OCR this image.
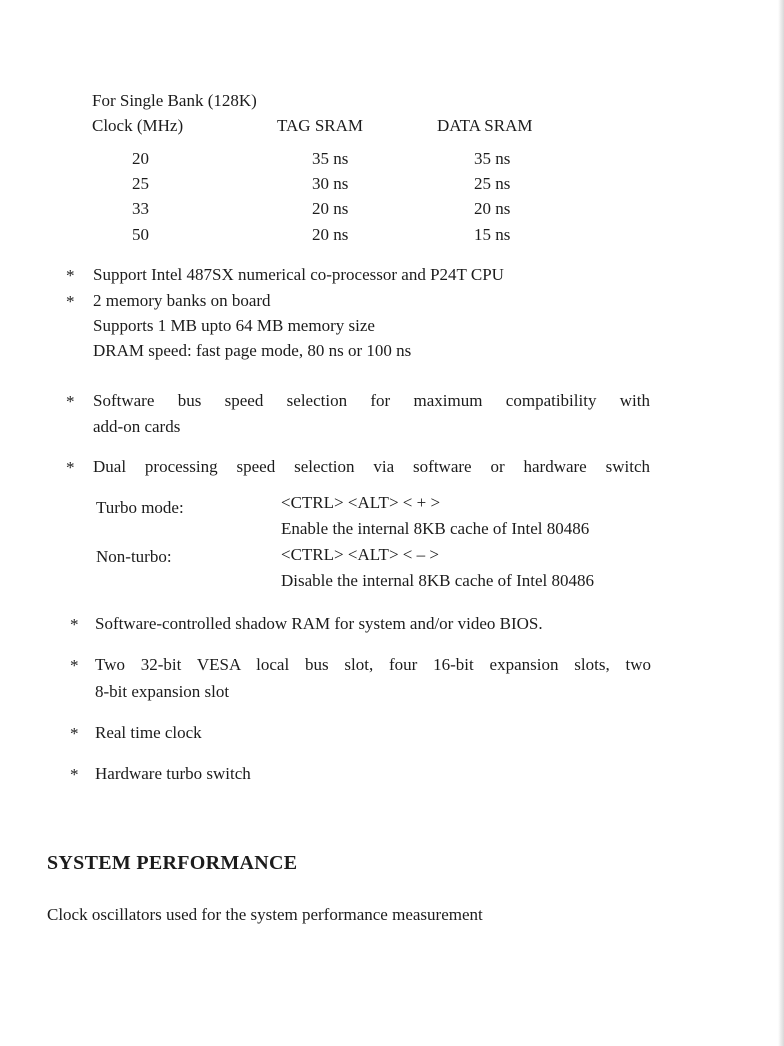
For Single Bank (128K)
Clock (MHz)	TAG SRAM	DATA SRAM
20	35 ns	35 ns
25	30 ns	25 ns
33	20 ns	20 ns
50	20 ns	15 ns
* Support Intel 487SX numerical co-processor and P24T CPU
* 2 memory banks on board
Supports 1 MB upto 64 MB memory size
DRAM speed: fast page mode, 80 ns or 100 ns
* Software bus speed selection for maximum compatibility with
add-on cards
* Dual processing speed selection via software or hardware switch
Turbo mode:	<CTRL> <ALT> < + >
Enable the internal 8KB cache of Intel 80486
Non-turbo:	<CTRL> <ALT> < – >
Disable the internal 8KB cache of Intel 80486
* Software-controlled shadow RAM for system and/or video BIOS.
* Two 32-bit VESA local bus slot, four 16-bit expansion slots, two
8-bit expansion slot
* Real time clock
* Hardware turbo switch
SYSTEM PERFORMANCE
Clock oscillators used for the system performance measurement
